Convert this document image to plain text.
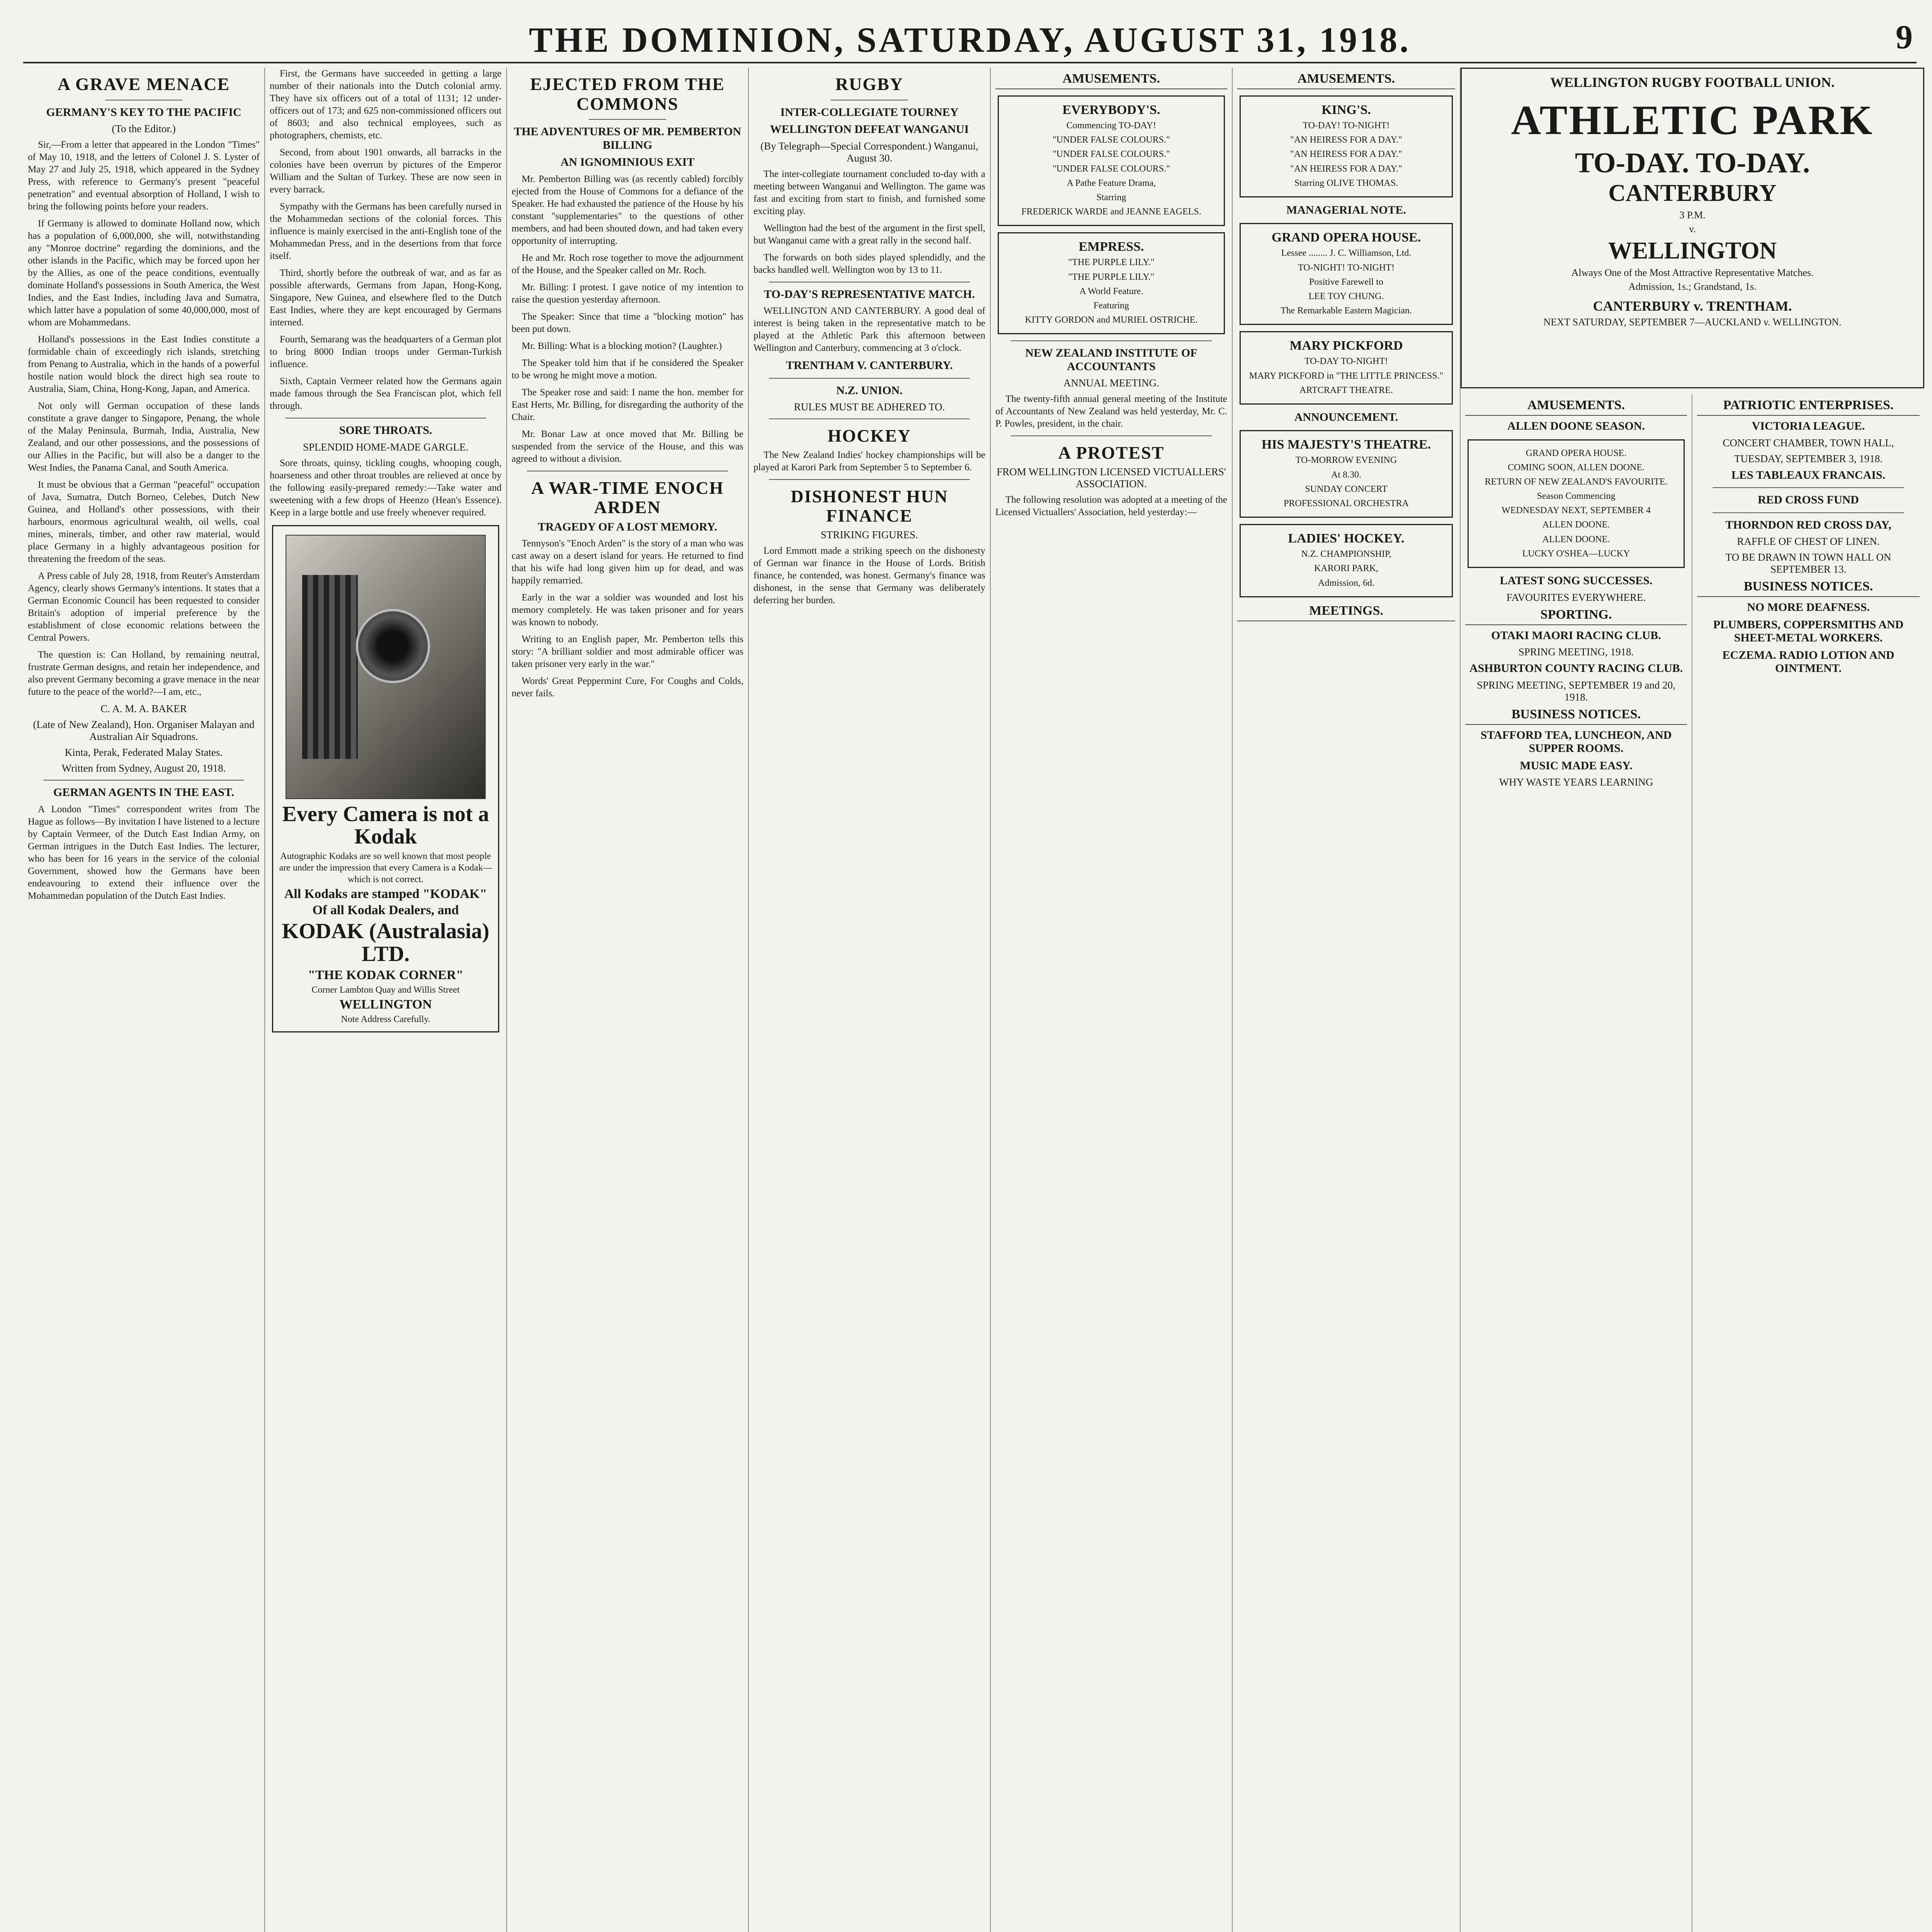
THE DOMINION, SATURDAY, AUGUST 31, 1918.	9
A GRAVE MENACE
GERMANY'S KEY TO THE PACIFIC
(To the Editor.)

Sir,—From a letter that appeared in the London "Times" of May 10, 1918, and the letters of Colonel J. S. Lyster of May 27 and July 25, 1918, which appeared in the Sydney Press, with reference to Germany's present "peaceful penetration" and eventual absorption of Holland, I wish to bring the following points before your readers.

If Germany is allowed to dominate Holland now, which has a population of 6,000,000, she will, notwithstanding any "Monroe doctrine" regarding the dominions, and the other islands in the Pacific, which may be forced upon her by the Allies, as one of the peace conditions, eventually dominate Holland's possessions in South America, the West Indies, and the East Indies, including Java and Sumatra, which latter have a population of some 40,000,000, most of whom are Mohammedans.

Holland's possessions in the East Indies constitute a formidable chain of exceedingly rich islands, stretching from Penang to Australia, which in the hands of a powerful hostile nation would block the direct high sea route to Australia, Siam, China, Hong-Kong, Japan, and America.

Not only will German occupation of these lands constitute a grave danger to Singapore, Penang, the whole of the Malay Peninsula, Burmah, India, Australia, New Zealand, and our other possessions, and the possessions of our Allies in the Pacific, but will also be a danger to the West Indies, the Panama Canal, and South America.

It must be obvious that a German "peaceful" occupation of Java, Sumatra, Dutch Borneo, Celebes, Dutch New Guinea, and Holland's other possessions, with their harbours, enormous agricultural wealth, oil wells, coal mines, minerals, timber, and other raw material, would place Germany in a highly advantageous position for threatening the freedom of the seas.

A Press cable of July 28, 1918, from Reuter's Amsterdam Agency, clearly shows Germany's intentions. It states that a German Economic Council has been requested to consider Britain's adoption of imperial preference by the establishment of close economic relations between the Central Powers.

The question is: Can Holland, by remaining neutral, frustrate German designs, and retain her independence, and also prevent Germany becoming a grave menace in the near future to the peace of the world?—I am, etc.,

C. A. M. A. BAKER
(Late of New Zealand), Hon. Organiser Malayan and Australian Air Squadrons.
Kinta, Perak, Federated Malay States.
Written from Sydney, August 20, 1918.
GERMAN AGENTS IN THE EAST.

A London "Times" correspondent writes from The Hague as follows—By invitation I have listened to a lecture by Captain Vermeer, of the Dutch East Indian Army, on German intrigues in the Dutch East Indies. The lecturer, who has been for 16 years in the service of the colonial Government, showed how the Germans have been endeavouring to extend their influence over the Mohammedan population of the Dutch East Indies.

First, the Germans have succeeded in getting a large number of their nationals into the Dutch colonial army. They have six officers out of a total of 1131; 12 under-officers out of 173; and 625 non-commissioned officers out of 8603; and also technical employees, such as photographers, chemists, etc.

Second, from about 1901 onwards, all barracks in the colonies have been overrun by pictures of the Emperor William and the Sultan of Turkey. These are now seen in every barrack.

Sympathy with the Germans has been carefully nursed in the Mohammedan sections of the colonial forces. This influence is mainly exercised in the anti-English tone of the Mohammedan Press, and in the desertions from that force itself.

Third, shortly before the outbreak of war, and as far as possible afterwards, Germans from Japan, Hong-Kong, Singapore, New Guinea, and elsewhere fled to the Dutch East Indies, where they are kept encouraged by Germans interned.

Fourth, Semarang was the headquarters of a German plot to bring 8000 Indian troops under German-Turkish influence.

Sixth, Captain Vermeer related how the Germans again made famous through the Sea Franciscan plot, which fell through.

SORE THROATS.
SPLENDID HOME-MADE GARGLE.

Sore throats, quinsy, tickling coughs, whooping cough, hoarseness and other throat troubles are relieved at once by the following easily-prepared remedy:—Take water and sweetening with a few drops of Heenzo (Hean's Essence). Keep in a large bottle and use freely whenever required.

Every Camera is not a Kodak
Autographic Kodaks are so well known that most people are under the impression that every Camera is a Kodak—which is not correct.
All Kodaks are stamped "KODAK"
Of all Kodak Dealers, and
KODAK (Australasia) LTD.
"THE KODAK CORNER"
Corner Lambton Quay and Willis Street
WELLINGTON
Note Address Carefully.
EJECTED FROM THE COMMONS
THE ADVENTURES OF MR. PEMBERTON BILLING
AN IGNOMINIOUS EXIT

Mr. Pemberton Billing was (as recently cabled) forcibly ejected from the House of Commons for a defiance of the Speaker. He had exhausted the patience of the House by his constant "supplementaries" to the questions of other members, and had been shouted down, and had taken every opportunity of interrupting.

He and Mr. Roch rose together to move the adjournment of the House, and the Speaker called on Mr. Roch.

Mr. Billing: I protest. I gave notice of my intention to raise the question yesterday afternoon.

The Speaker: Since that time a "blocking motion" has been put down.

Mr. Billing: What is a blocking motion? (Laughter.)

The Speaker told him that if he considered the Speaker to be wrong he might move a motion.

The Speaker rose and said: I name the hon. member for East Herts, Mr. Billing, for disregarding the authority of the Chair.

Mr. Bonar Law at once moved that Mr. Billing be suspended from the service of the House, and this was agreed to without a division.

A WAR-TIME ENOCH ARDEN
TRAGEDY OF A LOST MEMORY.

Tennyson's "Enoch Arden" is the story of a man who was cast away on a desert island for years. He returned to find that his wife had long given him up for dead, and was happily remarried.

Early in the war a soldier was wounded and lost his memory completely. He was taken prisoner and for years was known to nobody.

Writing to an English paper, Mr. Pemberton tells this story: "A brilliant soldier and most admirable officer was taken prisoner very early in the war."

Words' Great Peppermint Cure, For Coughs and Colds, never fails.

RUGBY
INTER-COLLEGIATE TOURNEY
WELLINGTON DEFEAT WANGANUI
(By Telegraph—Special Correspondent.) Wanganui, August 30.

The inter-collegiate tournament concluded to-day with a meeting between Wanganui and Wellington. The game was fast and exciting from start to finish, and furnished some exciting play.

Wellington had the best of the argument in the first spell, but Wanganui came with a great rally in the second half.

The forwards on both sides played splendidly, and the backs handled well. Wellington won by 13 to 11.

TO-DAY'S REPRESENTATIVE MATCH.

WELLINGTON AND CANTERBURY. A good deal of interest is being taken in the representative match to be played at the Athletic Park this afternoon between Wellington and Canterbury, commencing at 3 o'clock.

TRENTHAM V. CANTERBURY.
N.Z. UNION.
RULES MUST BE ADHERED TO.
HOCKEY

The New Zealand Indies' hockey championships will be played at Karori Park from September 5 to September 6.

DISHONEST HUN FINANCE
STRIKING FIGURES.

Lord Emmott made a striking speech on the dishonesty of German war finance in the House of Lords. British finance, he contended, was honest. Germany's finance was dishonest, in the sense that Germany was deliberately deferring her burden.

AMUSEMENTS.
EVERYBODY'S.
Commencing TO-DAY!
"UNDER FALSE COLOURS."
"UNDER FALSE COLOURS."
"UNDER FALSE COLOURS."
A Pathe Feature Drama,
Starring
FREDERICK WARDE and JEANNE EAGELS.
EMPRESS.
"THE PURPLE LILY."
"THE PURPLE LILY."
A World Feature.
Featuring
KITTY GORDON and MURIEL OSTRICHE.
NEW ZEALAND INSTITUTE OF ACCOUNTANTS
ANNUAL MEETING.

The twenty-fifth annual general meeting of the Institute of Accountants of New Zealand was held yesterday, Mr. C. P. Powles, president, in the chair.

A PROTEST
FROM WELLINGTON LICENSED VICTUALLERS' ASSOCIATION.

The following resolution was adopted at a meeting of the Licensed Victuallers' Association, held yesterday:—

AMUSEMENTS.
KING'S.
TO-DAY! TO-NIGHT!
"AN HEIRESS FOR A DAY."
"AN HEIRESS FOR A DAY."
"AN HEIRESS FOR A DAY."
Starring OLIVE THOMAS.
MANAGERIAL NOTE.
GRAND OPERA HOUSE.
Lessee ........ J. C. Williamson, Ltd.
TO-NIGHT! TO-NIGHT!
Positive Farewell to
LEE TOY CHUNG.
The Remarkable Eastern Magician.
MARY PICKFORD
TO-DAY TO-NIGHT!
MARY PICKFORD in "THE LITTLE PRINCESS."
ARTCRAFT THEATRE.
ANNOUNCEMENT.
HIS MAJESTY'S THEATRE.
TO-MORROW EVENING
At 8.30.
SUNDAY CONCERT
PROFESSIONAL ORCHESTRA
LADIES' HOCKEY.
N.Z. CHAMPIONSHIP,
KARORI PARK,
Admission, 6d.
MEETINGS.
WELLINGTON RUGBY FOOTBALL UNION.
ATHLETIC PARK
TO-DAY. TO-DAY.
CANTERBURY
3 P.M.
v.
WELLINGTON
Always One of the Most Attractive Representative Matches.
Admission, 1s.; Grandstand, 1s.
CANTERBURY v. TRENTHAM.
NEXT SATURDAY, SEPTEMBER 7—AUCKLAND v. WELLINGTON.
AMUSEMENTS.
ALLEN DOONE SEASON.
GRAND OPERA HOUSE.
COMING SOON, ALLEN DOONE.
RETURN OF NEW ZEALAND'S FAVOURITE.
Season Commencing
WEDNESDAY NEXT, SEPTEMBER 4
ALLEN DOONE.
ALLEN DOONE.
LUCKY O'SHEA—LUCKY
LATEST SONG SUCCESSES.
FAVOURITES EVERYWHERE.
SPORTING.
OTAKI MAORI RACING CLUB.
SPRING MEETING, 1918.
ASHBURTON COUNTY RACING CLUB.
SPRING MEETING, SEPTEMBER 19 and 20, 1918.
BUSINESS NOTICES.
STAFFORD TEA, LUNCHEON, AND SUPPER ROOMS.
MUSIC MADE EASY.
WHY WASTE YEARS LEARNING
PATRIOTIC ENTERPRISES.
VICTORIA LEAGUE.
CONCERT CHAMBER, TOWN HALL,
TUESDAY, SEPTEMBER 3, 1918.
LES TABLEAUX FRANCAIS.
RED CROSS FUND
THORNDON RED CROSS DAY,
RAFFLE OF CHEST OF LINEN.
TO BE DRAWN IN TOWN HALL ON SEPTEMBER 13.
BUSINESS NOTICES.
NO MORE DEAFNESS.
PLUMBERS, COPPERSMITHS AND SHEET-METAL WORKERS.
ECZEMA. RADIO LOTION AND OINTMENT.
